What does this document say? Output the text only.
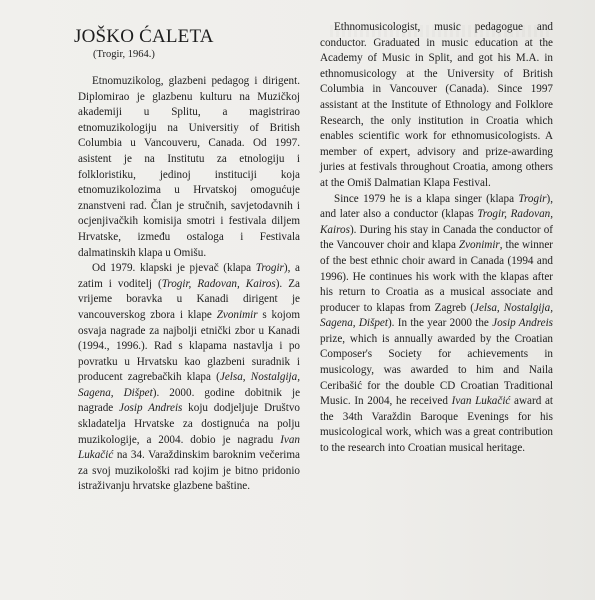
JOŠKO ĆALETA

(Trogir, 1964.)

Etnomuzikolog, glazbeni pedagog i dirigent. Diplomirao je glazbenu kulturu na Muzičkoj akademiji u Splitu, a magistrirao etnomuzikologiju na Universitiy of British Columbia u Vancouveru, Canada. Od 1997. asistent je na Institutu za etnologiju i folkloristiku, jedinoj instituciji koja etnomuzikolozima u Hrvatskoj omogućuje znanstveni rad. Član je stručnih, savjetodavnih i ocjenjivačkih komisija smotri i festivala diljem Hrvatske, između ostaloga i Festivala dalmatinskih klapa u Omišu.

Od 1979. klapski je pjevač (klapa Trogir), a zatim i voditelj (Trogir, Radovan, Kairos). Za vrijeme boravka u Kanadi dirigent je vancouverskog zbora i klape Zvonimir s kojom osvaja nagrade za najbolji etnički zbor u Kanadi (1994., 1996.). Rad s klapama nastavlja i po povratku u Hrvatsku kao glazbeni suradnik i producent zagrebačkih klapa (Jelsa, Nostalgija, Sagena, Dišpet). 2000. godine dobitnik je nagrade Josip Andreis koju dodjeljuje Društvo skladatelja Hrvatske za dostignuća na polju muzikologije, a 2004. dobio je nagradu Ivan Lukačić na 34. Varaždinskim baroknim večerima za svoj muzikološki rad kojim je bitno pridonio istraživanju hrvatske glazbene baštine.

Ethnomusicologist, music pedagogue and conductor. Graduated in music education at the Academy of Music in Split, and got his M.A. in ethnomusicology at the University of British Columbia in Vancouver (Canada). Since 1997 assistant at the Institute of Ethnology and Folklore Research, the only institution in Croatia which enables scientific work for ethnomusicologists. A member of expert, advisory and prize-awarding juries at festivals throughout Croatia, among others at the Omiš Dalmatian Klapa Festival.

Since 1979 he is a klapa singer (klapa Trogir), and later also a conductor (klapas Trogir, Radovan, Kairos). During his stay in Canada the conductor of the Vancouver choir and klapa Zvonimir, the winner of the best ethnic choir award in Canada (1994 and 1996). He continues his work with the klapas after his return to Croatia as a musical associate and producer to klapas from Zagreb (Jelsa, Nostalgija, Sagena, Dišpet). In the year 2000 the Josip Andreis prize, which is annually awarded by the Croatian Composer's Society for achievements in musicology, was awarded to him and Naila Ceribašić for the double CD Croatian Traditional Music. In 2004, he received Ivan Lukačić award at the 34th Varaždin Baroque Evenings for his musicological work, which was a great contribution to the research into Croatian musical heritage.
